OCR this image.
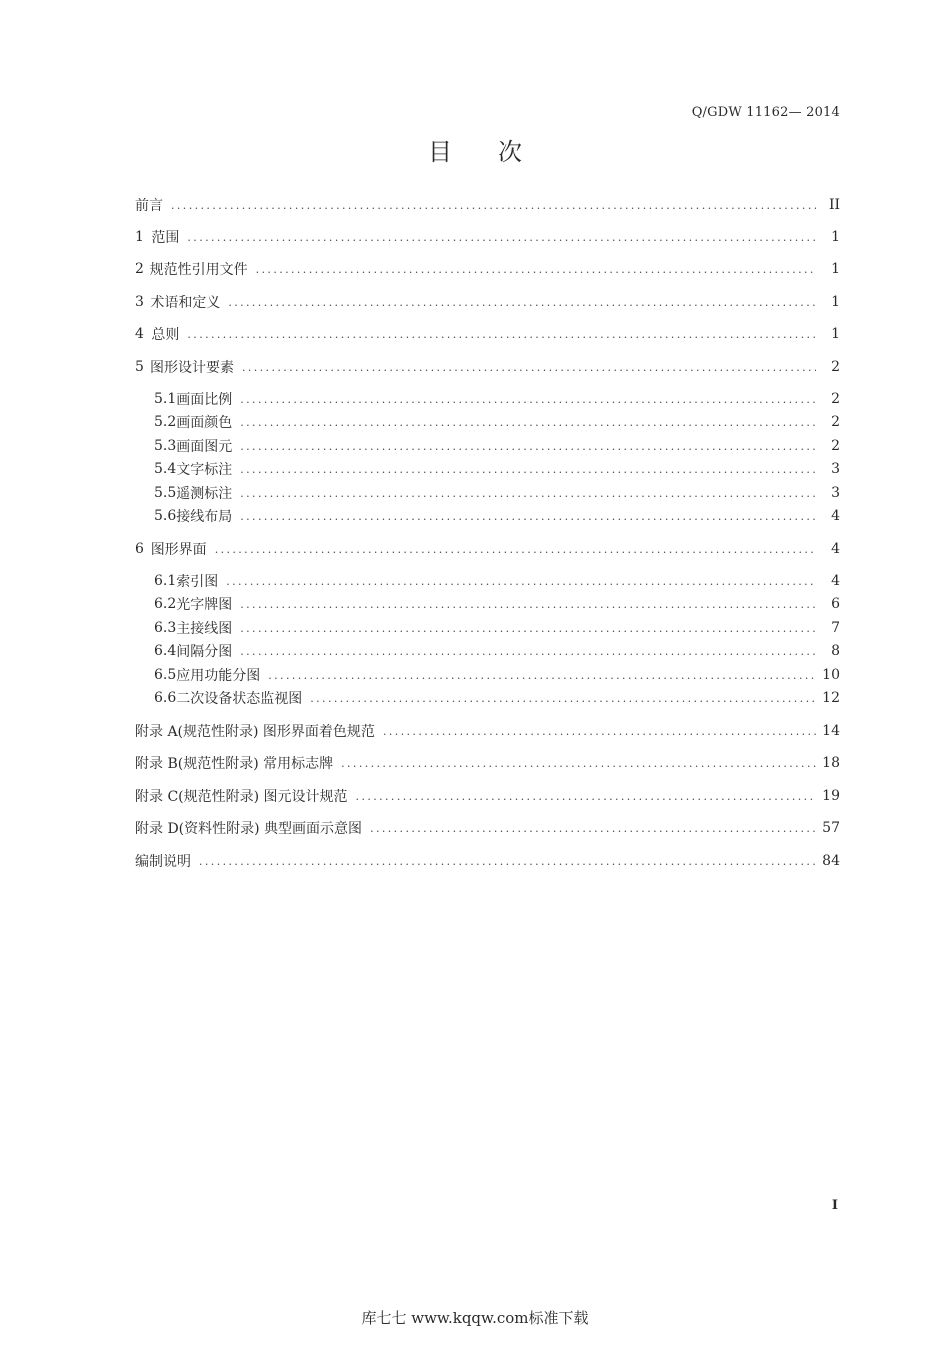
Q/GDW 11162— 2014
目次
前言 .....	II
1 范围 .....	1
2 规范性引用文件 .....	1
3 术语和定义 .....	1
4 总则 .....	1
5 图形设计要素 .....	2
5.1 画面比例 .....	2
5.2 画面颜色 .....	2
5.3 画面图元 .....	2
5.4 文字标注 .....	3
5.5 遥测标注 .....	3
5.6 接线布局 .....	4
6 图形界面 .....	4
6.1 索引图 .....	4
6.2 光字牌图 .....	6
6.3 主接线图 .....	7
6.4 间隔分图 .....	8
6.5 应用功能分图 .....	10
6.6 二次设备状态监视图 .....	12
附录 A(规范性附录) 图形界面着色规范 .....	14
附录 B(规范性附录) 常用标志牌 .....	18
附录 C(规范性附录) 图元设计规范 .....	19
附录 D(资料性附录) 典型画面示意图 .....	57
编制说明 .....	84
I
库七七 www.kqqw.com标准下载
